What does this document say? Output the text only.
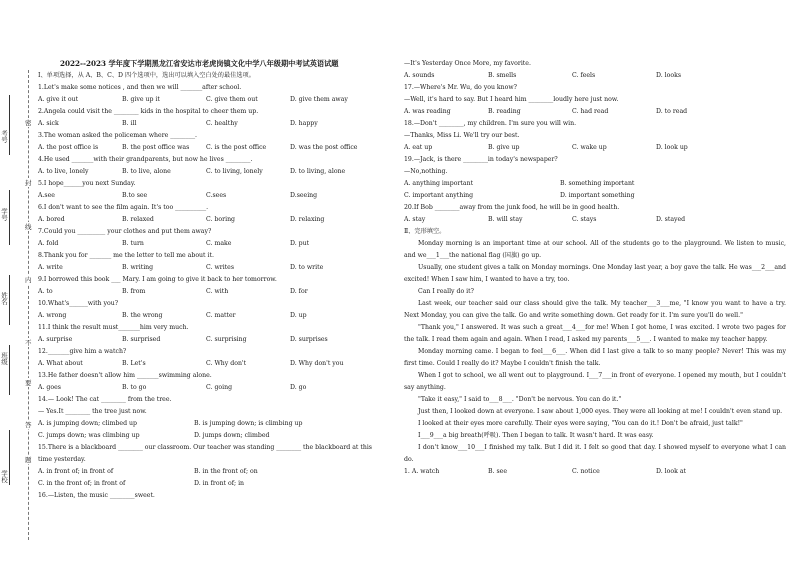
考号
学号
姓名
班级
学校
密
封
线
内
不
要
答
题
2022--2023 学年度下学期黑龙江省安达市老虎岗镇文化中学八年级期中考试英语试题
Ⅰ、单项选择，从 A、B、C、D 四个选项中，选出可以填入空白处的最佳选项。
1.Let's make some notices , and then we will _______after school.
A. give it out	B. give up it	C. give them out	D. give them away
2.Angela could visit the ________ kids in the hospital to cheer them up.
A. sick	B. ill	C. healthy	D. happy
3.The woman asked the policeman where ________.
A. the post office is	B. the post office was	C. is the post office	D. was the post office
4.He used _______with their grandparents, but now he lives ________.
A. to live, lonely	B. to live, alone	C. to living, lonely	D. to living, alone
5.I hope______you next Sunday.
A.see	B.to see	C.sees	D.seeing
6.I don't want to see the film again. It's too __________.
A. bored	B. relaxed	C. boring	D. relaxing
7.Could you _________ your clothes and put them away?
A. fold	B. turn	C. make	D. put
8.Thank you for _______ me the letter to tell me about it.
A. write	B. writing	C. writes	D. to write
9.I borrowed this book ___ Mary. I am going to give it back to her tomorrow.
A. to	B. from	C. with	D. for
10.What's______with you?
A. wrong	B. the wrong	C. matter	D. up
11.I think the result must_______him very much.
A. surprise	B. surprised	C. surprising	D. surprises
12._______give him a watch?
A. What about	B. Let's	C. Why don't	D. Why don't you
13.He father doesn't allow him _______swimming alone.
A. goes	B. to go	C. going	D. go
14.— Look! The cat ________ from the tree.
— Yes.It ________ the tree just now.
A. is jumping down; climbed up	B. is jumping down; is climbing up
C. jumps down; was climbing up	D. jumps down; climbed
15.There is a blackboard ________ our classroom. Our teacher was standing ________ the blackboard at this
time yesterday.
A. in front of; in front of	B. in the front of; on
C. in the front of; in front of	D. in front of; in
16.—Listen, the music ________sweet.
—It's Yesterday Once More, my favorite.
A. sounds	B. smells	C. feels	D. looks
17.—Where's Mr. Wu, do you know?
—Well, it's hard to say. But I heard him ________loudly here just now.
A. was reading	B. reading	C. had read	D. to read
18.—Don't ________, my children. I'm sure you will win.
—Thanks, Miss Li. We'll try our best.
A. eat up	B. give up	C. wake up	D. look up
19.—Jack, is there ________in today's newspaper?
—No,nothing.
A. anything important	B. something important
C. important anything	D. important something
20.If Bob ________away from the junk food, he will be in good health.
A. stay	B. will stay	C. stays	D. stayed
Ⅱ、完形填空。
Monday morning is an important time at our school. All of the students go to the playground. We listen to music, and we___1___the national flag (国旗) go up.
Usually, one student gives a talk on Monday mornings. One Monday last year, a boy gave the talk. He was___2___and excited! When I saw him, I wanted to have a try, too.
Can I really do it?
Last week, our teacher said our class should give the talk. My teacher___3___me, "I know you want to have a try. Next Monday, you can give the talk. Go and write something down. Get ready for it. I'm sure you'll do well."
"Thank you," I answered. It was such a great___4___for me! When I got home, I was excited. I wrote two pages for the talk. I read them again and again. When I read, I asked my parents___5___. I wanted to make my teacher happy.
Monday morning came. I began to feel___6___. When did I last give a talk to so many people? Never! This was my first time. Could I really do it? Maybe I couldn't finish the talk.
When I got to school, we all went out to playground. I___7___in front of everyone. I opened my mouth, but I couldn't say anything.
"Take it easy," I said to___8___. "Don't be nervous. You can do it."
Just then, I looked down at everyone. I saw about 1,000 eyes. They were all looking at me! I couldn't even stand up.
I looked at their eyes more carefully. Their eyes were saying, "You can do it.! Don't be afraid, just talk!"
I___9___a big breath(呼吸). Then I began to talk. It wasn't hard. It was easy.
I don't know___10___I finished my talk. But I did it. I felt so good that day. I showed myself to everyone what I can do.
1. A. watch	B. see	C. notice	D. look at
